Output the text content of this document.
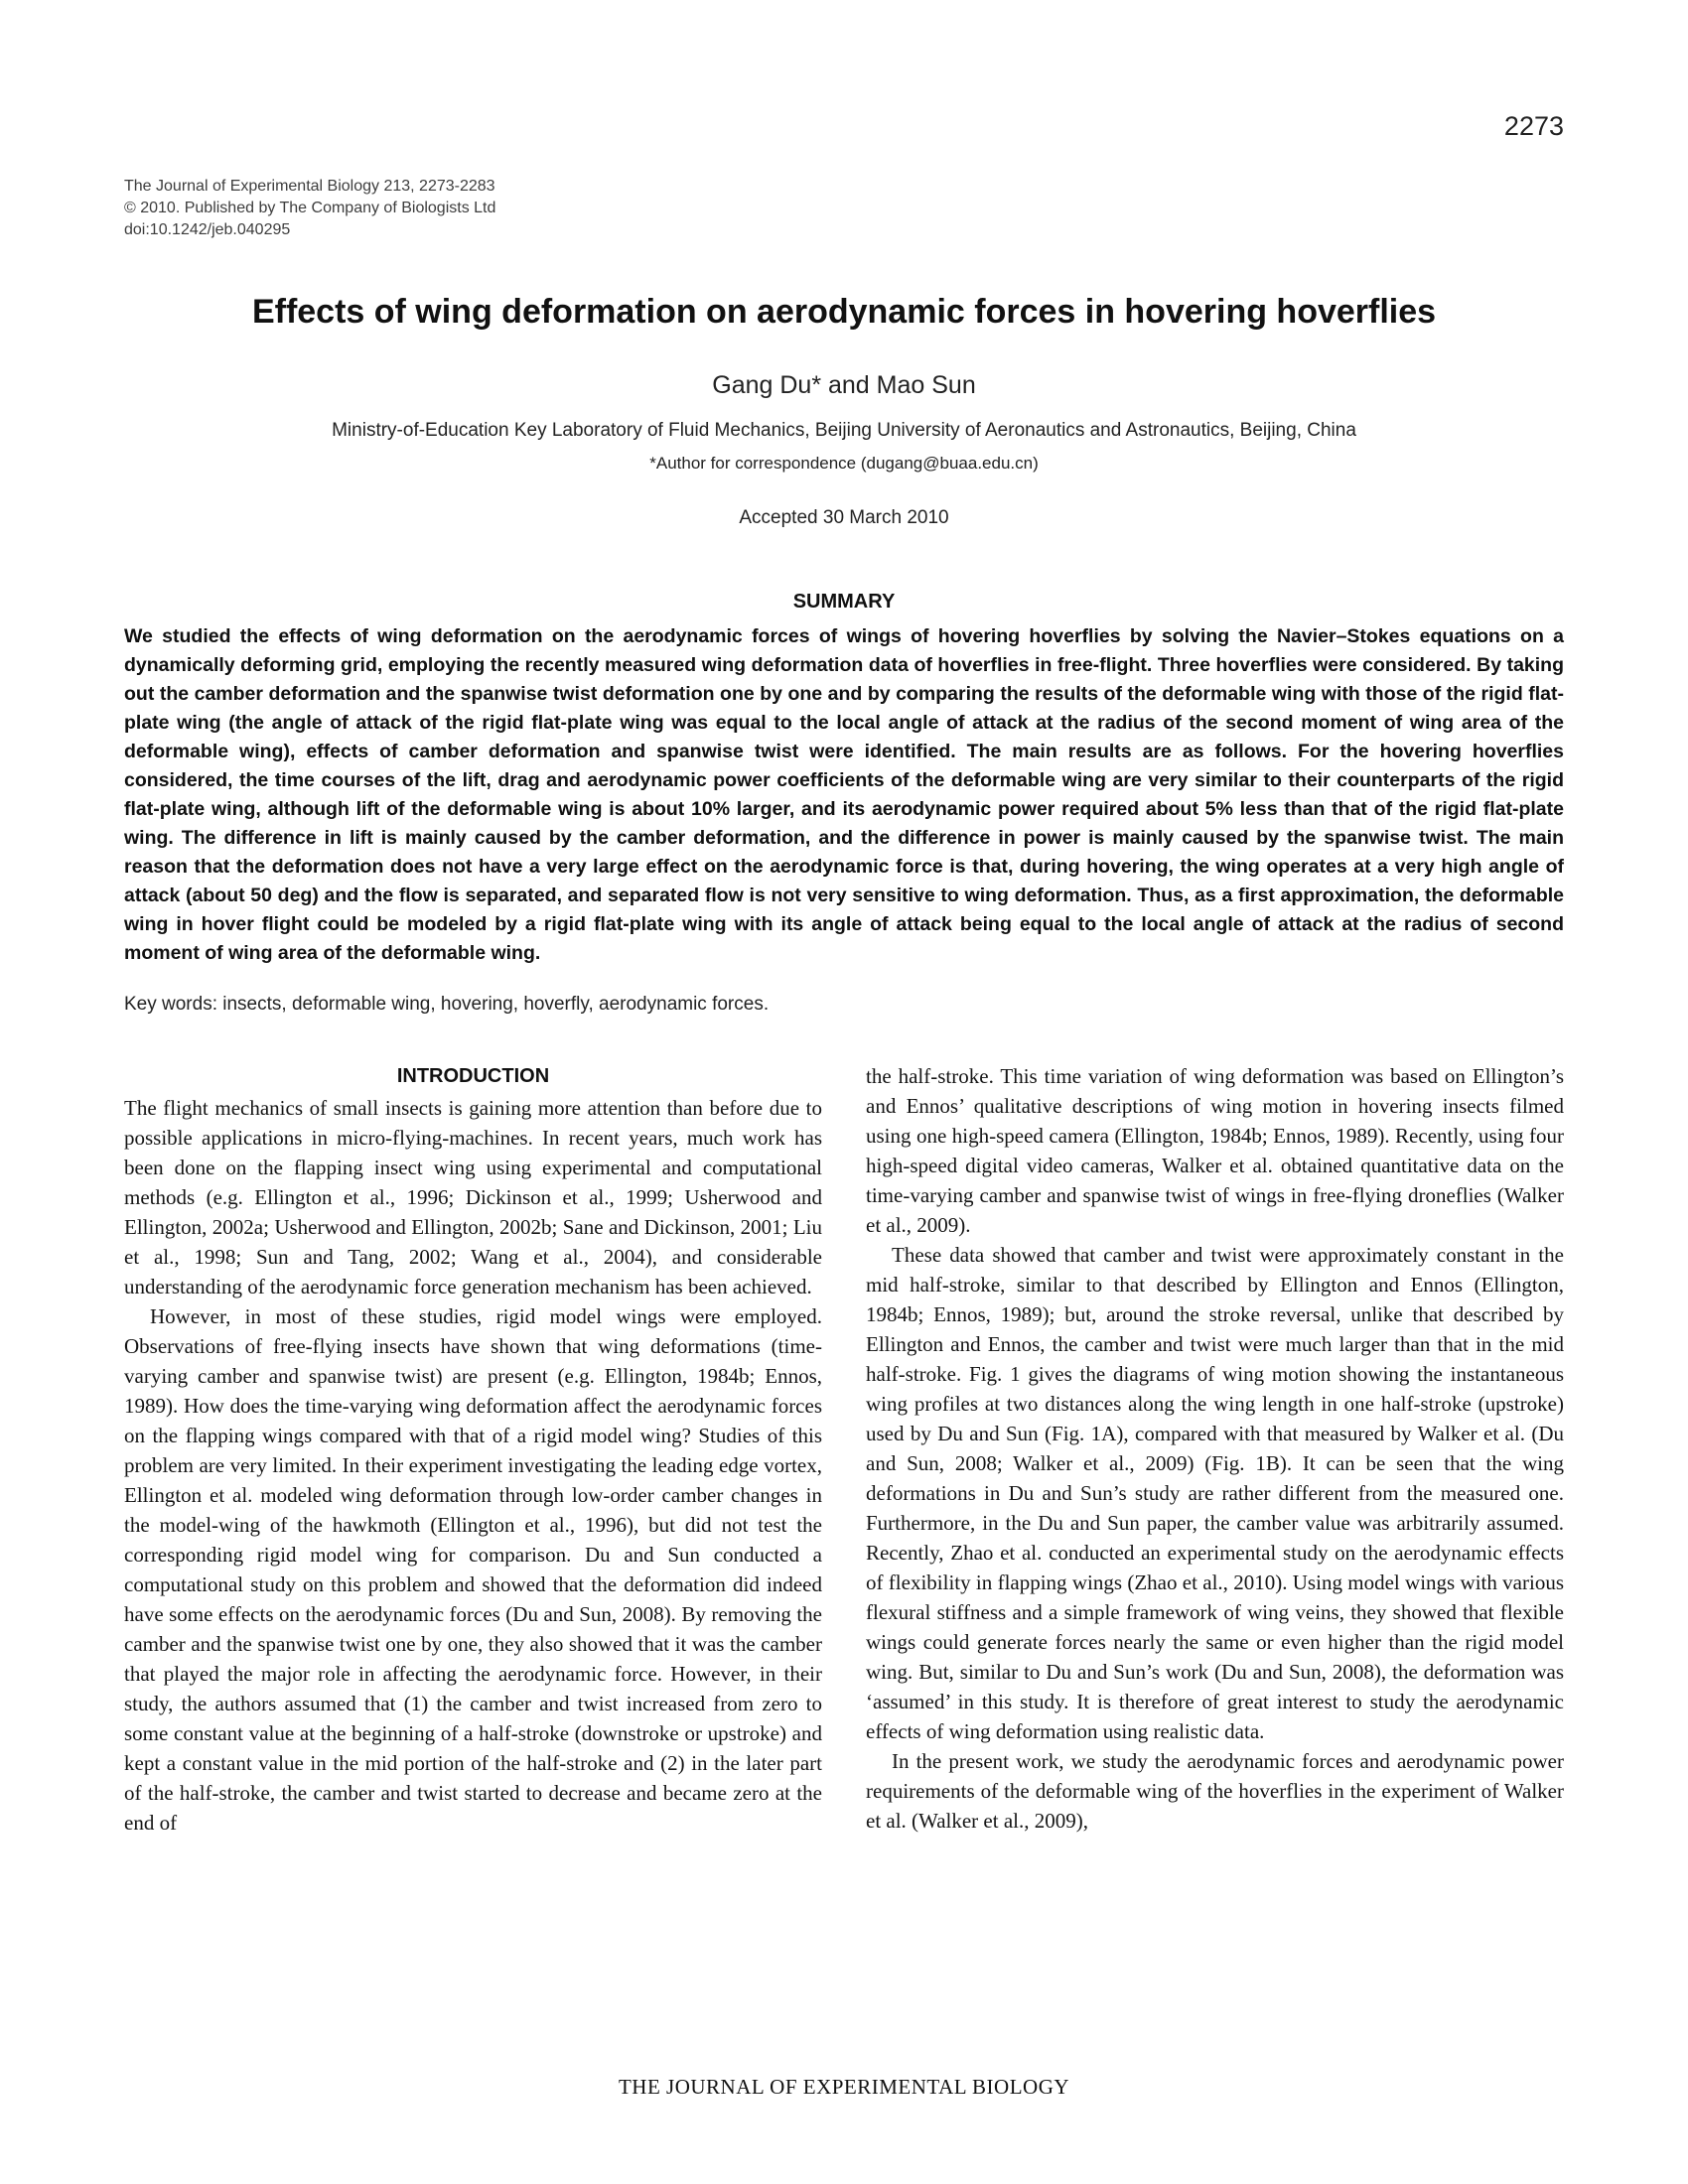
2273
The Journal of Experimental Biology 213, 2273-2283
© 2010. Published by The Company of Biologists Ltd
doi:10.1242/jeb.040295
Effects of wing deformation on aerodynamic forces in hovering hoverflies
Gang Du* and Mao Sun
Ministry-of-Education Key Laboratory of Fluid Mechanics, Beijing University of Aeronautics and Astronautics, Beijing, China
*Author for correspondence (dugang@buaa.edu.cn)
Accepted 30 March 2010
SUMMARY

We studied the effects of wing deformation on the aerodynamic forces of wings of hovering hoverflies by solving the Navier–Stokes equations on a dynamically deforming grid, employing the recently measured wing deformation data of hoverflies in free-flight. Three hoverflies were considered. By taking out the camber deformation and the spanwise twist deformation one by one and by comparing the results of the deformable wing with those of the rigid flat-plate wing (the angle of attack of the rigid flat-plate wing was equal to the local angle of attack at the radius of the second moment of wing area of the deformable wing), effects of camber deformation and spanwise twist were identified. The main results are as follows. For the hovering hoverflies considered, the time courses of the lift, drag and aerodynamic power coefficients of the deformable wing are very similar to their counterparts of the rigid flat-plate wing, although lift of the deformable wing is about 10% larger, and its aerodynamic power required about 5% less than that of the rigid flat-plate wing. The difference in lift is mainly caused by the camber deformation, and the difference in power is mainly caused by the spanwise twist. The main reason that the deformation does not have a very large effect on the aerodynamic force is that, during hovering, the wing operates at a very high angle of attack (about 50 deg) and the flow is separated, and separated flow is not very sensitive to wing deformation. Thus, as a first approximation, the deformable wing in hover flight could be modeled by a rigid flat-plate wing with its angle of attack being equal to the local angle of attack at the radius of second moment of wing area of the deformable wing.

Key words: insects, deformable wing, hovering, hoverfly, aerodynamic forces.

INTRODUCTION

The flight mechanics of small insects is gaining more attention than before due to possible applications in micro-flying-machines. In recent years, much work has been done on the flapping insect wing using experimental and computational methods (e.g. Ellington et al., 1996; Dickinson et al., 1999; Usherwood and Ellington, 2002a; Usherwood and Ellington, 2002b; Sane and Dickinson, 2001; Liu et al., 1998; Sun and Tang, 2002; Wang et al., 2004), and considerable understanding of the aerodynamic force generation mechanism has been achieved.

However, in most of these studies, rigid model wings were employed. Observations of free-flying insects have shown that wing deformations (time-varying camber and spanwise twist) are present (e.g. Ellington, 1984b; Ennos, 1989). How does the time-varying wing deformation affect the aerodynamic forces on the flapping wings compared with that of a rigid model wing? Studies of this problem are very limited. In their experiment investigating the leading edge vortex, Ellington et al. modeled wing deformation through low-order camber changes in the model-wing of the hawkmoth (Ellington et al., 1996), but did not test the corresponding rigid model wing for comparison. Du and Sun conducted a computational study on this problem and showed that the deformation did indeed have some effects on the aerodynamic forces (Du and Sun, 2008). By removing the camber and the spanwise twist one by one, they also showed that it was the camber that played the major role in affecting the aerodynamic force. However, in their study, the authors assumed that (1) the camber and twist increased from zero to some constant value at the beginning of a half-stroke (downstroke or upstroke) and kept a constant value in the mid portion of the half-stroke and (2) in the later part of the half-stroke, the camber and twist started to decrease and became zero at the end of

the half-stroke. This time variation of wing deformation was based on Ellington’s and Ennos’ qualitative descriptions of wing motion in hovering insects filmed using one high-speed camera (Ellington, 1984b; Ennos, 1989). Recently, using four high-speed digital video cameras, Walker et al. obtained quantitative data on the time-varying camber and spanwise twist of wings in free-flying droneflies (Walker et al., 2009).

These data showed that camber and twist were approximately constant in the mid half-stroke, similar to that described by Ellington and Ennos (Ellington, 1984b; Ennos, 1989); but, around the stroke reversal, unlike that described by Ellington and Ennos, the camber and twist were much larger than that in the mid half-stroke. Fig. 1 gives the diagrams of wing motion showing the instantaneous wing profiles at two distances along the wing length in one half-stroke (upstroke) used by Du and Sun (Fig. 1A), compared with that measured by Walker et al. (Du and Sun, 2008; Walker et al., 2009) (Fig. 1B). It can be seen that the wing deformations in Du and Sun’s study are rather different from the measured one. Furthermore, in the Du and Sun paper, the camber value was arbitrarily assumed. Recently, Zhao et al. conducted an experimental study on the aerodynamic effects of flexibility in flapping wings (Zhao et al., 2010). Using model wings with various flexural stiffness and a simple framework of wing veins, they showed that flexible wings could generate forces nearly the same or even higher than the rigid model wing. But, similar to Du and Sun’s work (Du and Sun, 2008), the deformation was ‘assumed’ in this study. It is therefore of great interest to study the aerodynamic effects of wing deformation using realistic data.

In the present work, we study the aerodynamic forces and aerodynamic power requirements of the deformable wing of the hoverflies in the experiment of Walker et al. (Walker et al., 2009),

THE JOURNAL OF EXPERIMENTAL BIOLOGY
